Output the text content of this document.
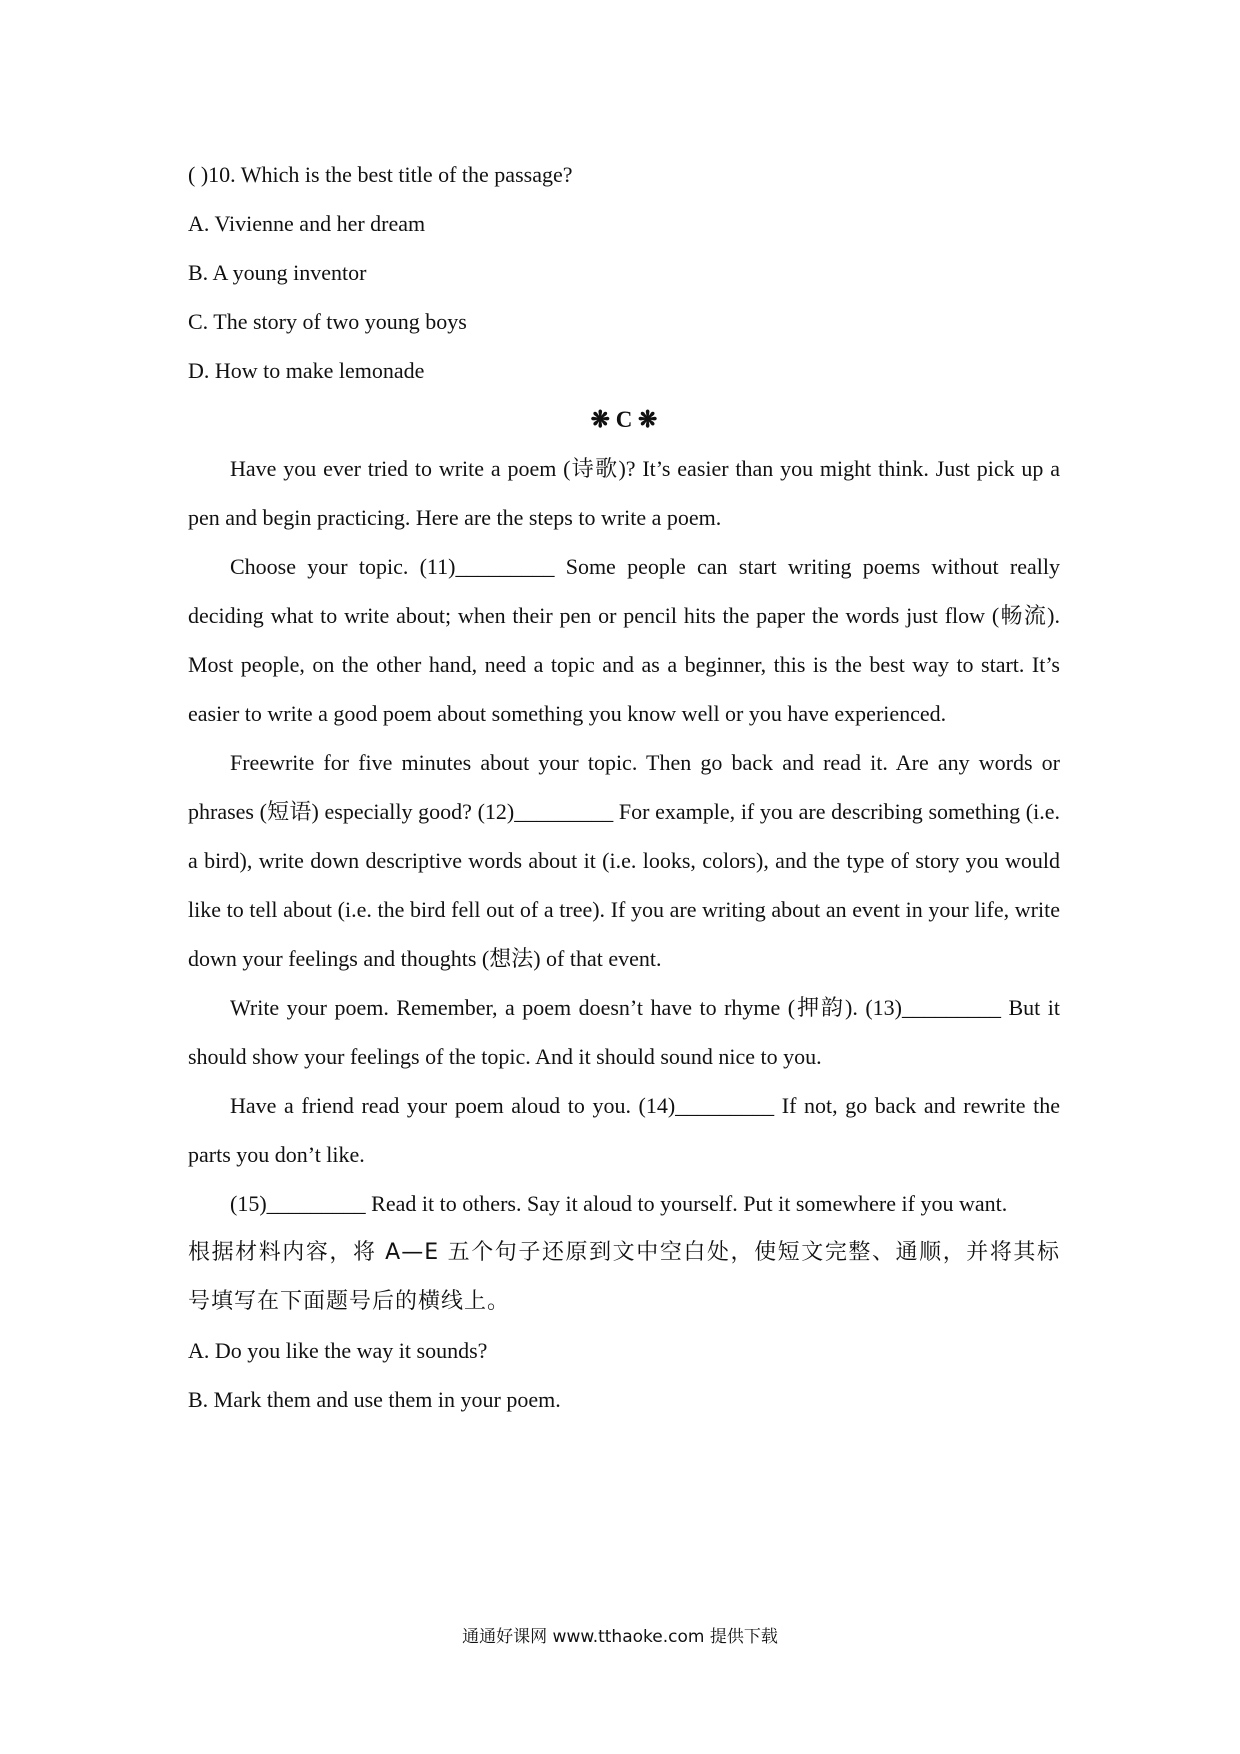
( )10. Which is the best title of the passage?

A. Vivienne and her dream

B. A young inventor

C. The story of two young boys

D. How to make lemonade

❋ C ❋

Have you ever tried to write a poem (诗歌)? It’s easier than you might think. Just pick up a pen and begin practicing. Here are the steps to write a poem.

Choose your topic. (11)_________ Some people can start writing poems without really deciding what to write about; when their pen or pencil hits the paper the words just flow (畅流). Most people, on the other hand, need a topic and as a beginner, this is the best way to start. It’s easier to write a good poem about something you know well or you have experienced.

Freewrite for five minutes about your topic. Then go back and read it. Are any words or phrases (短语) especially good? (12)_________ For example, if you are describing something (i.e. a bird), write down descriptive words about it (i.e. looks, colors), and the type of story you would like to tell about (i.e. the bird fell out of a tree). If you are writing about an event in your life, write down your feelings and thoughts (想法) of that event.

Write your poem. Remember, a poem doesn’t have to rhyme (押韵). (13)_________ But it should show your feelings of the topic. And it should sound nice to you.

Have a friend read your poem aloud to you. (14)_________ If not, go back and rewrite the parts you don’t like.

(15)_________ Read it to others. Say it aloud to yourself. Put it somewhere if you want.

根据材料内容，将 A—E 五个句子还原到文中空白处，使短文完整、通顺，并将其标号填写在下面题号后的横线上。

A. Do you like the way it sounds?

B. Mark them and use them in your poem.

通通好课网 www.tthaoke.com 提供下载
